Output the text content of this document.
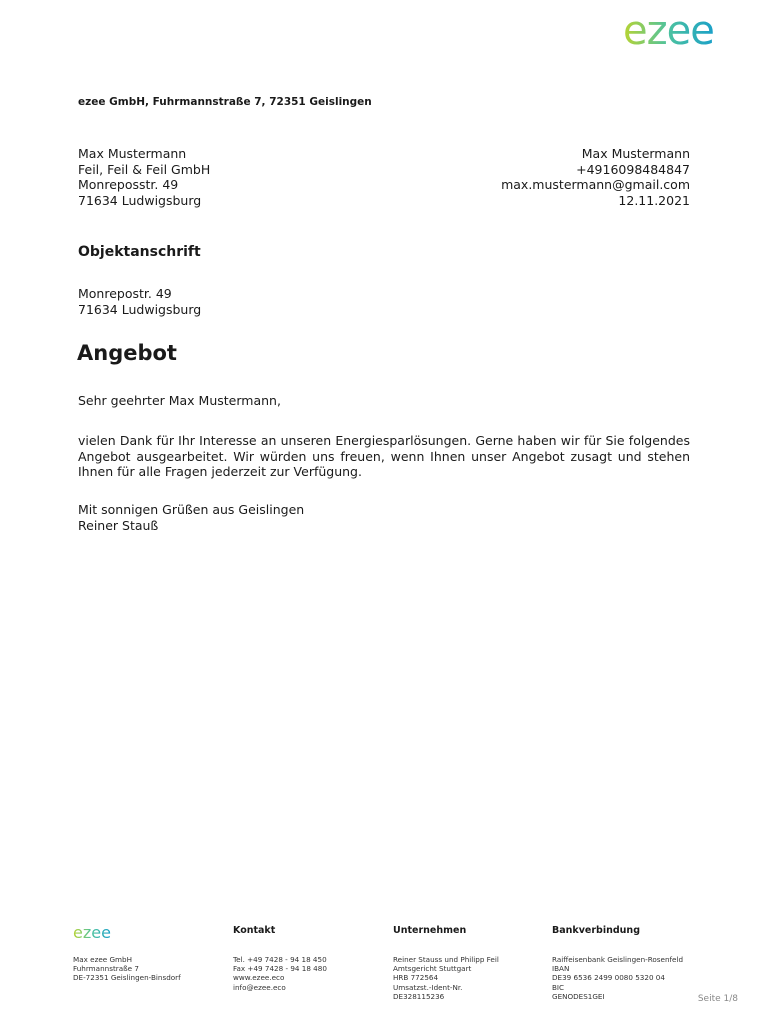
ezee
ezee GmbH, Fuhrmannstraße 7, 72351 Geislingen
Max Mustermann
Feil, Feil & Feil GmbH
Monreposstr. 49
71634 Ludwigsburg
Max Mustermann
+4916098484847
max.mustermann@gmail.com
12.11.2021
Objektanschrift
Monrepostr. 49
71634 Ludwigsburg
Angebot
Sehr geehrter Max Mustermann,
vielen Dank für Ihr Interesse an unseren Energiesparlösungen. Gerne haben wir für Sie folgendes Angebot ausgearbeitet. Wir würden uns freuen, wenn Ihnen unser Angebot zusagt und stehen Ihnen für alle Fragen jederzeit zur Verfügung.
Mit sonnigen Grüßen aus Geislingen
Reiner Stauß
ezee
Max ezee GmbH
Fuhrmannstraße 7
DE-72351 Geislingen-Binsdorf
Kontakt
Tel. +49 7428 - 94 18 450
Fax +49 7428 - 94 18 480
www.ezee.eco
info@ezee.eco
Unternehmen
Reiner Stauss und Philipp Feil
Amtsgericht Stuttgart
HRB 772564
Umsatzst.-Ident-Nr.
DE328115236
Bankverbindung
Raiffeisenbank Geislingen-Rosenfeld
IBAN
DE39 6536 2499 0080 5320 04
BIC
GENODES1GEI	Seite 1/8
